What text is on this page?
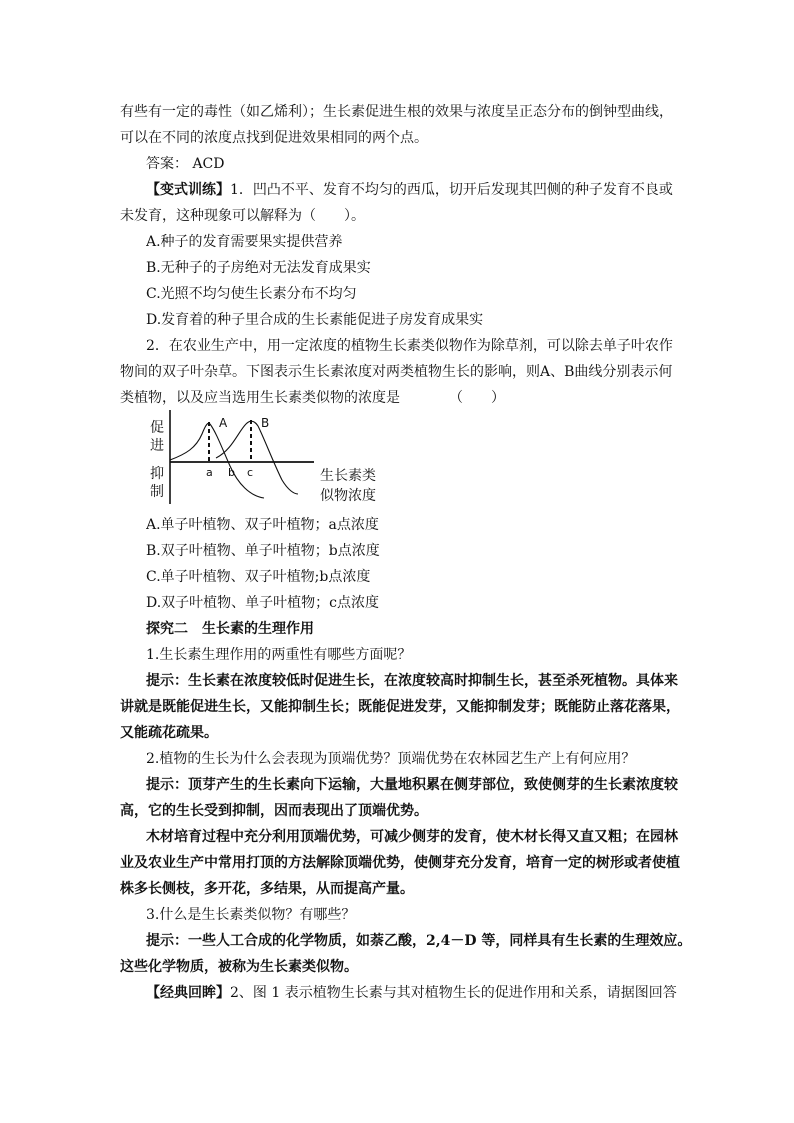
有些有一定的毒性（如乙烯利）；生长素促进生根的效果与浓度呈正态分布的倒钟型曲线，
可以在不同的浓度点找到促进效果相同的两个点。
答案： ACD
【变式训练】1．凹凸不平、发育不均匀的西瓜，切开后发现其凹侧的种子发育不良或
未发育，这种现象可以解释为（　　）。
A.种子的发育需要果实提供营养
B.无种子的子房绝对无法发育成果实
C.光照不均匀使生长素分布不均匀
D.发育着的种子里合成的生长素能促进子房发育成果实
2．在农业生产中，用一定浓度的植物生长素类似物作为除草剂，可以除去单子叶农作
物间的双子叶杂草。下图表示生长素浓度对两类植物生长的影响，则A、B曲线分别表示何
类植物，以及应当选用生长素类似物的浓度是　　　　（　　）
促
进
抑
制
A	B
a b c	生长素类
似物浓度
A.单子叶植物、双子叶植物；a点浓度
B.双子叶植物、单子叶植物；b点浓度
C.单子叶植物、双子叶植物;b点浓度
D.双子叶植物、单子叶植物；c点浓度
探究二　生长素的生理作用
1.生长素生理作用的两重性有哪些方面呢？
提示：生长素在浓度较低时促进生长，在浓度较高时抑制生长，甚至杀死植物。具体来
讲就是既能促进生长，又能抑制生长；既能促进发芽，又能抑制发芽；既能防止落花落果，
又能疏花疏果。
2.植物的生长为什么会表现为顶端优势？顶端优势在农林园艺生产上有何应用？
提示：顶芽产生的生长素向下运输，大量地积累在侧芽部位，致使侧芽的生长素浓度较
高，它的生长受到抑制，因而表现出了顶端优势。
木材培育过程中充分利用顶端优势，可减少侧芽的发育，使木材长得又直又粗；在园林
业及农业生产中常用打顶的方法解除顶端优势，使侧芽充分发育，培育一定的树形或者使植
株多长侧枝，多开花，多结果，从而提高产量。
3.什么是生长素类似物？有哪些？
提示：一些人工合成的化学物质，如萘乙酸，2,4－D 等，同样具有生长素的生理效应。
这些化学物质，被称为生长素类似物。
【经典回眸】2、图 1 表示植物生长素与其对植物生长的促进作用和关系，请据图回答
